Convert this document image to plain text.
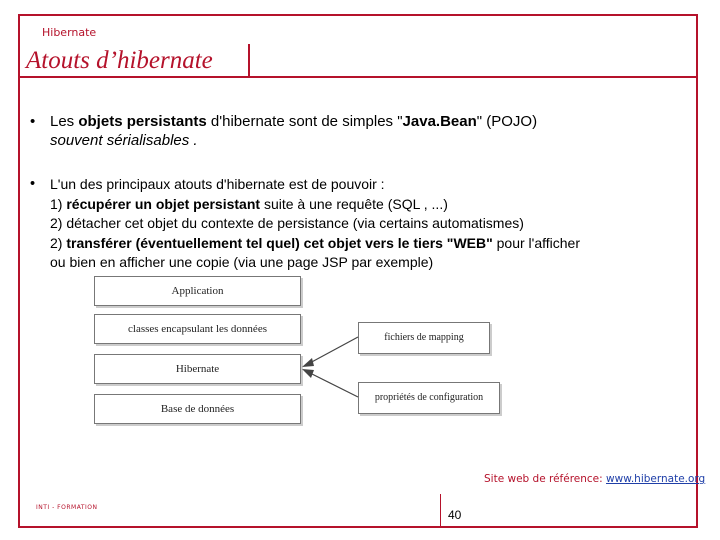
Hibernate
Atouts d’hibernate
• Les objets persistants d'hibernate sont de simples "Java.Bean" (POJO)
souvent sérialisables .
• L'un des principaux atouts d'hibernate est de pouvoir :
1) récupérer un objet persistant suite à une requête (SQL , ...)
2) détacher cet objet du contexte de persistance (via certains automatismes)
2) transférer (éventuellement tel quel) cet objet vers le tiers "WEB" pour l'afficher
ou bien en afficher une copie (via une page JSP par exemple)
Application
classes encapsulant les données
Hibernate
Base de données
fichiers de mapping
propriétés de configuration
Site web de référence: www.hibernate.org
INTI - FORMATION
40
